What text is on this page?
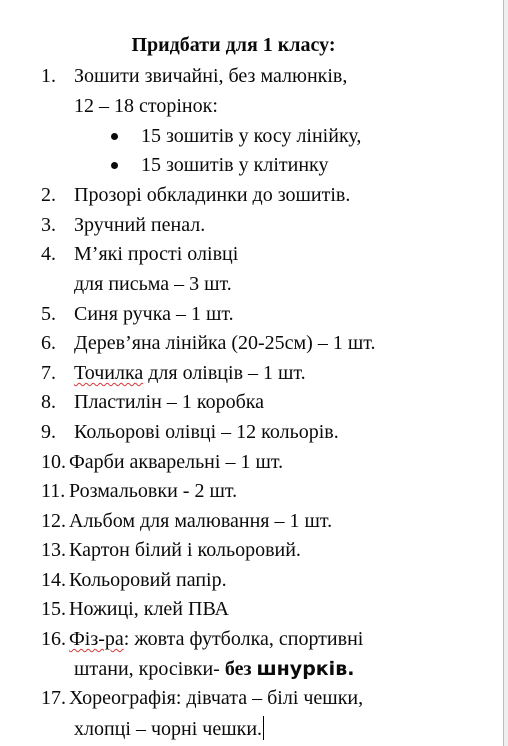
Придбати для 1 класу:
1. Зошити звичайні, без малюнків,
12 – 18 сторінок:
15 зошитів у косу лінійку,
15 зошитів у клітинку
2. Прозорі обкладинки до зошитів.
3. Зручний пенал.
4. М’які прості олівці
для письма – 3 шт.
5. Синя ручка – 1 шт.
6. Дерев’яна лінійка (20-25см) – 1 шт.
7. Точилка для олівців – 1 шт.
8. Пластилін – 1 коробка
9. Кольорові олівці – 12 кольорів.
10. Фарби акварельні – 1 шт.
11. Розмальовки - 2 шт.
12. Альбом для малювання – 1 шт.
13. Картон білий і кольоровий.
14. Кольоровий папір.
15. Ножиці, клей ПВА
16. Фіз-ра: жовта футболка, спортивні
штани, кросівки- без шнурків.
17. Хореографія: дівчата – білі чешки,
хлопці – чорні чешки.
